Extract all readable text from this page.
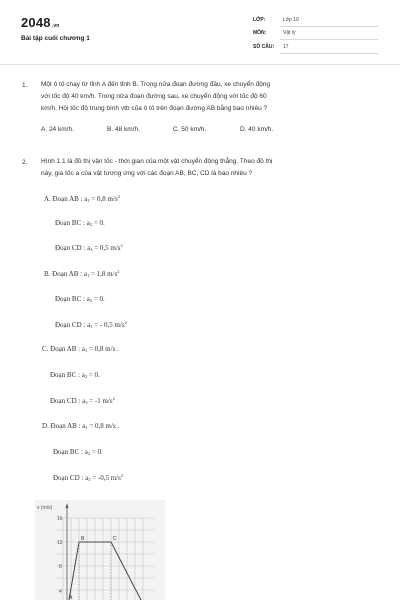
2048.vn
Bài tập cuối chương 1
LỚP:	Lớp 10
MÔN:	Vật lý
SỐ CÂU: 17
1. Một ô tô chạy từ tỉnh A đến tỉnh B. Trong nửa đoạn đường đầu, xe chuyển động
với tốc độ 40 km/h. Trong nửa đoạn đường sau, xe chuyển động với tốc độ 60
km/h. Hỏi tốc độ trung bình vtb của ô tô trên đoạn đường AB bằng bao nhiêu ?
A. 24 km/h.	B. 48 km/h.	C. 50 km/h.	D. 40 km/h.
2. Hình 1.1 là đồ thị vận tốc - thời gian của một vật chuyển động thẳng. Theo đồ thị
này, gia tốc a của vật tương ứng với các đoạn AB, BC, CD là bao nhiêu ?
A. Đoạn AB : $a_1 = 0,8$ $m/s^2$
Đoạn BC : $a_2 = 0$.
Đoạn CD : $a_3 = 0,5$ $m/s^2$
B. Đoạn AB : $a_1 = 1,8$ $m/s^2$
Đoạn BC : $a_2 = 0$.
Đoạn CD : $a_3$ = - 0,5 $m/s^2$
C. Đoạn AB : $a_1 = 0,8$ m/s .
Đoạn BC : $a_2 = 0$.
Đoạn CD : $a_3 = -1$ $m/s^2$
D. Đoạn AB : $a_1 = 0,8$ m/s .
Đoạn BC : $a_2 = 0$.
Đoạn CD : $a_3 = -0,5$ $m/s^2$
v (m/s)
16
12
8
4
B	C
A
